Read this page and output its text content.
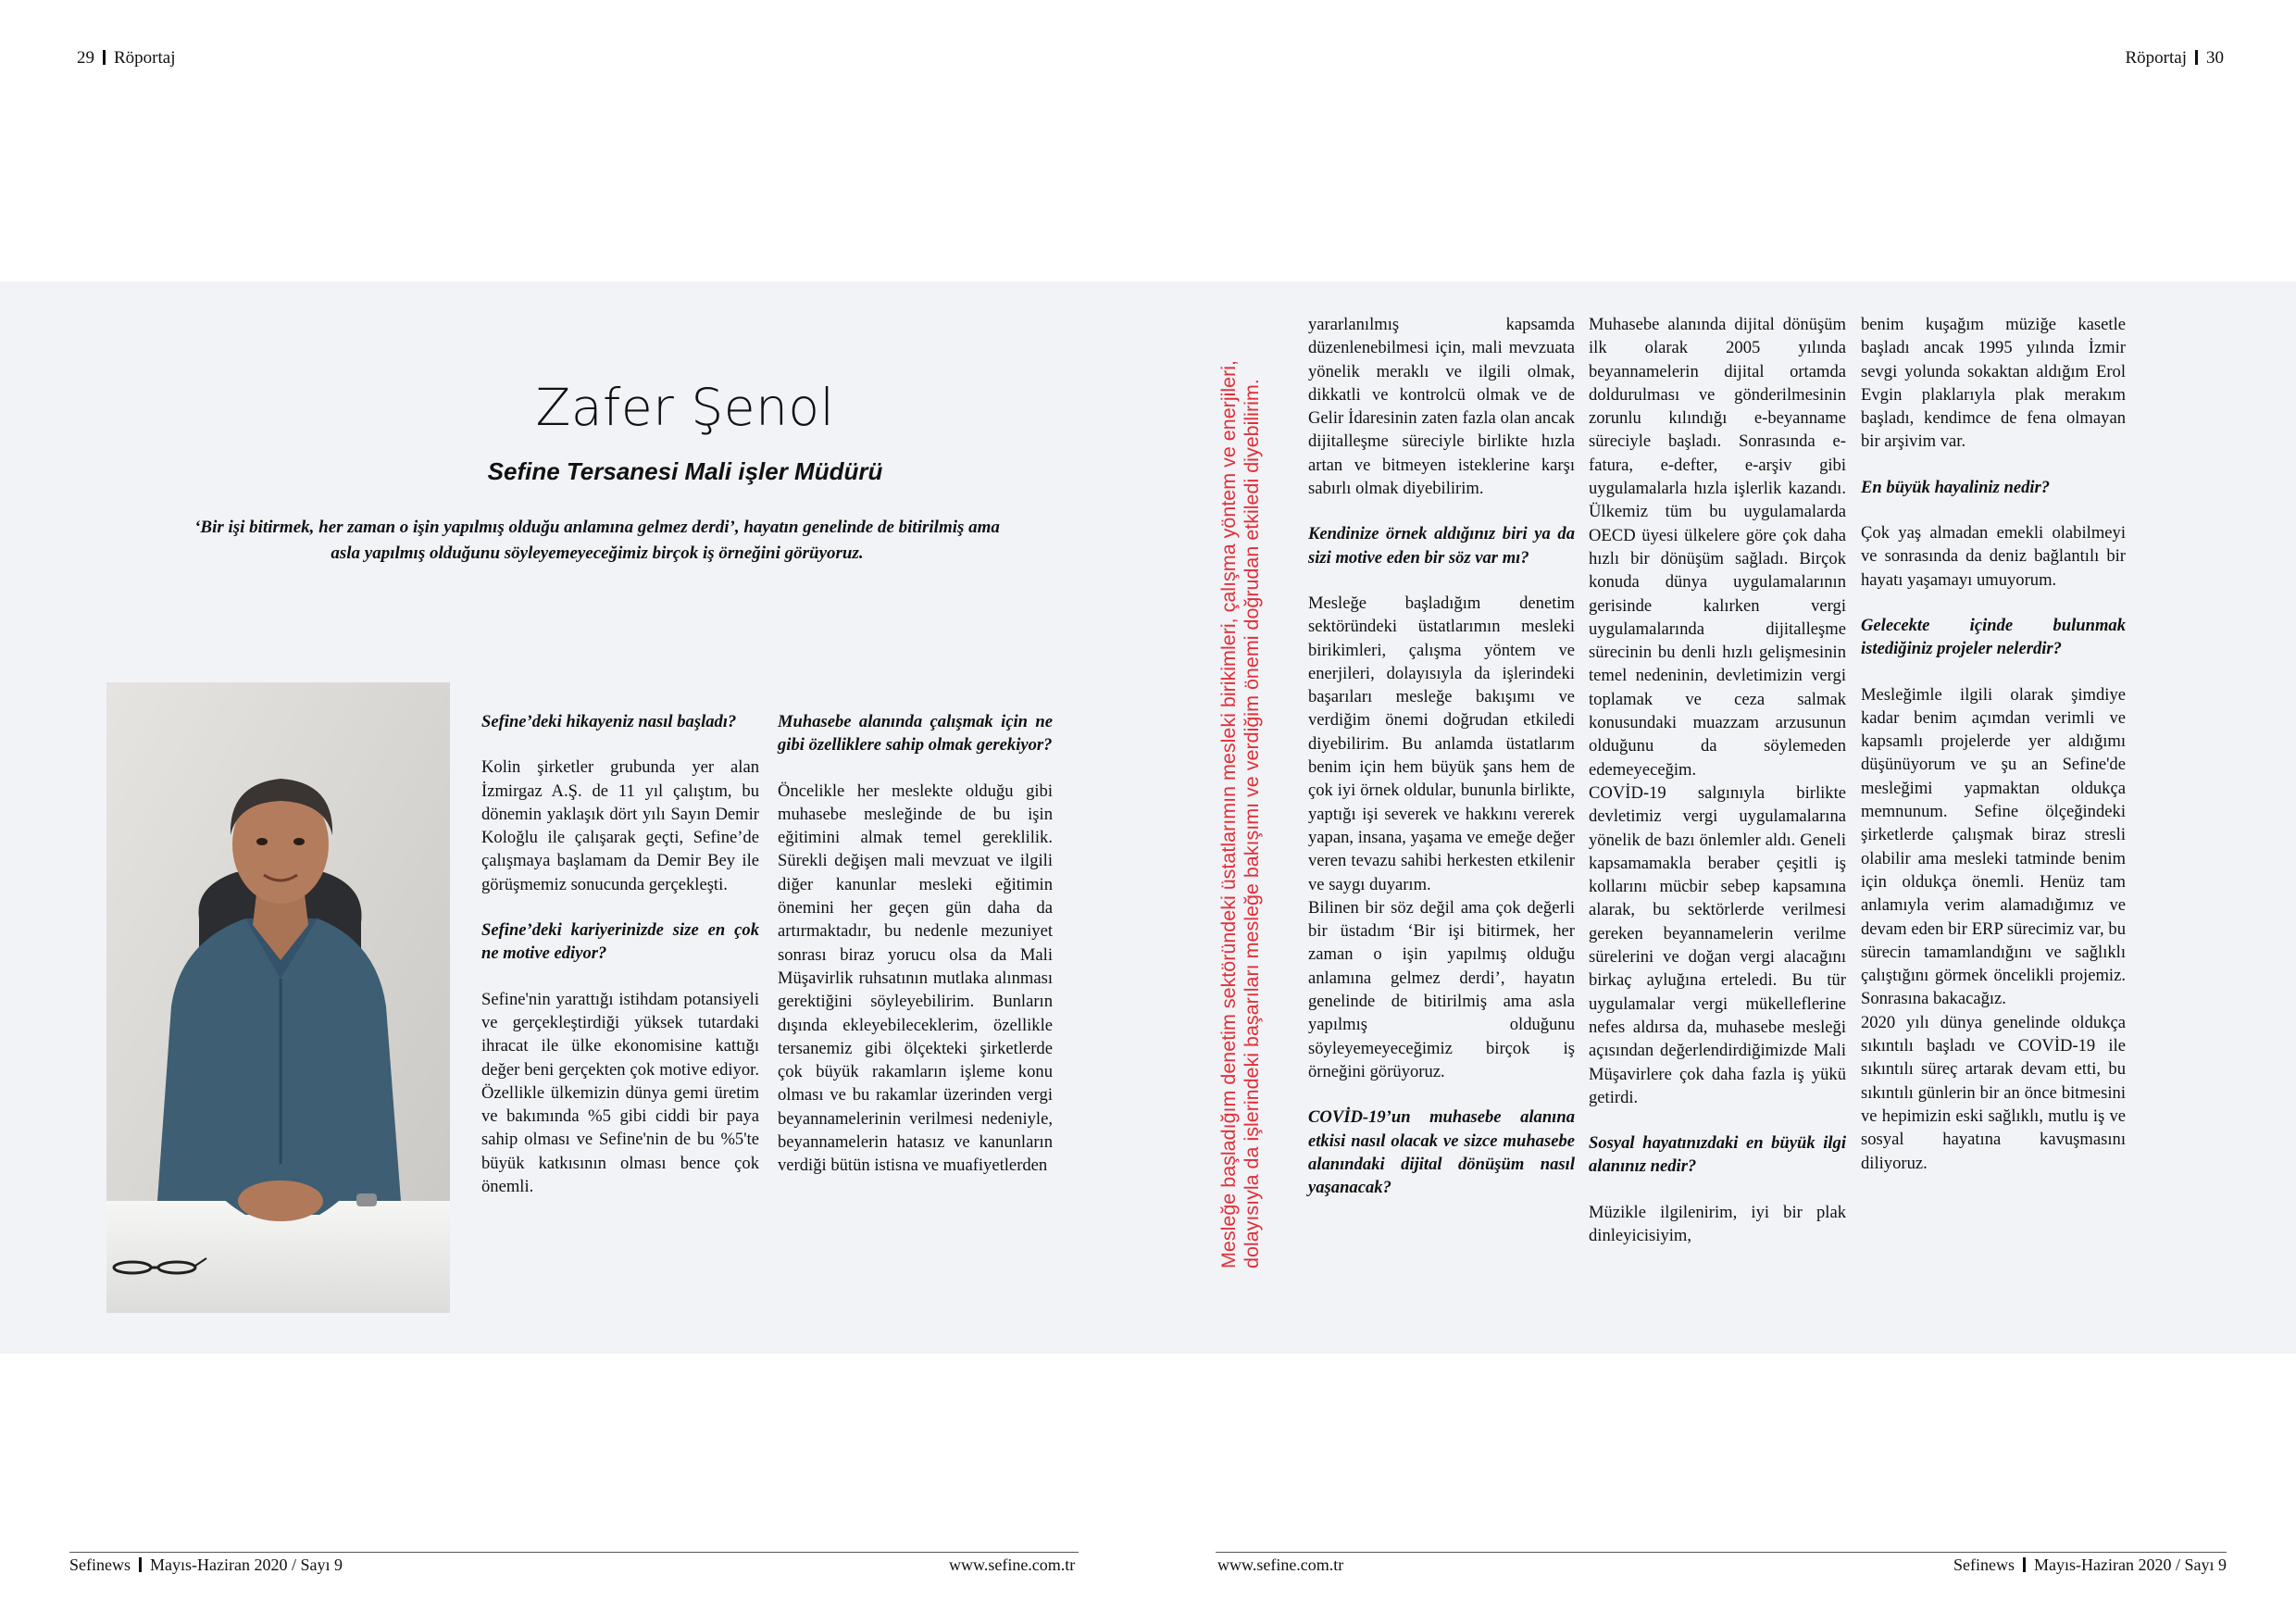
29 Röportaj	Röportaj 30
Zafer Şenol
Sefine Tersanesi Mali işler Müdürü
‘Bir işi bitirmek, her zaman o işin yapılmış olduğu anlamına gelmez derdi’, hayatın genelinde de bitirilmiş ama asla yapılmış olduğunu söyleyemeyeceğimiz birçok iş örneğini görüyoruz.

Sefine’deki hikayeniz nasıl başladı?

Kolin şirketler grubunda yer alan İzmirgaz A.Ş. de 11 yıl çalıştım, bu dönemin yaklaşık dört yılı Sayın Demir Koloğlu ile çalışarak geçti, Sefine’de çalışmaya başlamam da Demir Bey ile görüşmemiz sonucunda gerçekleşti.

Sefine’deki kariyerinizde size en çok ne motive ediyor?

Sefine'nin yarattığı istihdam potansiyeli ve gerçekleştirdiği yüksek tutardaki ihracat ile ülke ekonomisine kattığı değer beni gerçekten çok motive ediyor. Özellikle ülkemizin dünya gemi üretim ve bakımında %5 gibi ciddi bir paya sahip olması ve Sefine'nin de bu %5'te büyük katkısının olması bence çok önemli.

Muhasebe alanında çalışmak için ne gibi özelliklere sahip olmak gerekiyor?

Öncelikle her meslekte olduğu gibi muhasebe mesleğinde de bu işin eğitimini almak temel gereklilik. Sürekli değişen mali mevzuat ve ilgili diğer kanunlar mesleki eğitimin önemini her geçen gün daha da artırmaktadır, bu nedenle mezuniyet sonrası biraz yorucu olsa da Mali Müşavirlik ruhsatının mutlaka alınması gerektiğini söyleyebilirim. Bunların dışında ekleyebileceklerim, özellikle tersanemiz gibi ölçekteki şirketlerde çok büyük rakamların işleme konu olması ve bu rakamlar üzerinden vergi beyannamelerinin verilmesi nedeniyle, beyannamelerin hatasız ve kanunların verdiği bütün istisna ve muafiyetlerden	Mesleğe başladığım denetim sektöründeki üstatlarımın mesleki birikimleri, çalışma yöntem ve enerjileri, dolayısıyla da işlerindeki başarıları mesleğe bakışımı ve verdiğim önemi doğrudan etkiledi diyebilirim.

yararlanılmış kapsamda düzenlenebilmesi için, mali mevzuata yönelik meraklı ve ilgili olmak, dikkatli ve kontrolcü olmak ve de Gelir İdaresinin zaten fazla olan ancak dijitalleşme süreciyle birlikte hızla artan ve bitmeyen isteklerine karşı sabırlı olmak diyebilirim.

Kendinize örnek aldığınız biri ya da sizi motive eden bir söz var mı?

Mesleğe başladığım denetim sektöründeki üstatlarımın mesleki birikimleri, çalışma yöntem ve enerjileri, dolayısıyla da işlerindeki başarıları mesleğe bakışımı ve verdiğim önemi doğrudan etkiledi diyebilirim. Bu anlamda üstatlarım benim için hem büyük şans hem de çok iyi örnek oldular, bununla birlikte, yaptığı işi severek ve hakkını vererek yapan, insana, yaşama ve emeğe değer veren tevazu sahibi herkesten etkilenir ve saygı duyarım.

Bilinen bir söz değil ama çok değerli bir üstadım ‘Bir işi bitirmek, her zaman o işin yapılmış olduğu anlamına gelmez derdi’, hayatın genelinde de bitirilmiş ama asla yapılmış olduğunu söyleyemeyeceğimiz birçok iş örneğini görüyoruz.

COVİD-19’un muhasebe alanına etkisi nasıl olacak ve sizce muhasebe alanındaki dijital dönüşüm nasıl yaşanacak?

Muhasebe alanında dijital dönüşüm ilk olarak 2005 yılında beyannamelerin dijital ortamda doldurulması ve gönderilmesinin zorunlu kılındığı e-beyanname süreciyle başladı. Sonrasında e-fatura, e-defter, e-arşiv gibi uygulamalarla hızla işlerlik kazandı. Ülkemiz tüm bu uygulamalarda OECD üyesi ülkelere göre çok daha hızlı bir dönüşüm sağladı. Birçok konuda dünya uygulamalarının gerisinde kalırken vergi uygulamalarında dijitalleşme sürecinin bu denli hızlı gelişmesinin temel nedeninin, devletimizin vergi toplamak ve ceza salmak konusundaki muazzam arzusunun olduğunu da söylemeden edemeyeceğim.

COVİD-19 salgınıyla birlikte devletimiz vergi uygulamalarına yönelik de bazı önlemler aldı. Geneli kapsamamakla beraber çeşitli iş kollarını mücbir sebep kapsamına alarak, bu sektörlerde verilmesi gereken beyannamelerin verilme sürelerini ve doğan vergi alacağını birkaç ayluğına erteledi. Bu tür uygulamalar vergi mükelleflerine nefes aldırsa da, muhasebe mesleği açısından değerlendirdiğimizde Mali Müşavirlere çok daha fazla iş yükü getirdi.

Sosyal hayatınızdaki en büyük ilgi alanınız nedir?

Müzikle ilgilenirim, iyi bir plak dinleyicisiyim,

benim kuşağım müziğe kasetle başladı ancak 1995 yılında İzmir sevgi yolunda sokaktan aldığım Erol Evgin plaklarıyla plak merakım başladı, kendimce de fena olmayan bir arşivim var.

En büyük hayaliniz nedir?

Çok yaş almadan emekli olabilmeyi ve sonrasında da deniz bağlantılı bir hayatı yaşamayı umuyorum.

Gelecekte içinde bulunmak istediğiniz projeler nelerdir?

Mesleğimle ilgili olarak şimdiye kadar benim açımdan verimli ve kapsamlı projelerde yer aldığımı düşünüyorum ve şu an Sefine'de mesleğimi yapmaktan oldukça memnunum. Sefine ölçeğindeki şirketlerde çalışmak biraz stresli olabilir ama mesleki tatminde benim için oldukça önemli. Henüz tam anlamıyla verim alamadığımız ve devam eden bir ERP sürecimiz var, bu sürecin tamamlandığını ve sağlıklı çalıştığını görmek öncelikli projemiz. Sonrasına bakacağız.

2020 yılı dünya genelinde oldukça sıkıntılı başladı ve COVİD-19 ile sıkıntılı süreç artarak devam etti, bu sıkıntılı günlerin bir an önce bitmesini ve hepimizin eski sağlıklı, mutlu iş ve sosyal hayatına kavuşmasını diliyoruz.

Sefinews Mayıs-Haziran 2020 / Sayı 9	www.sefine.com.tr	www.sefine.com.tr	Sefinews Mayıs-Haziran 2020 / Sayı 9
